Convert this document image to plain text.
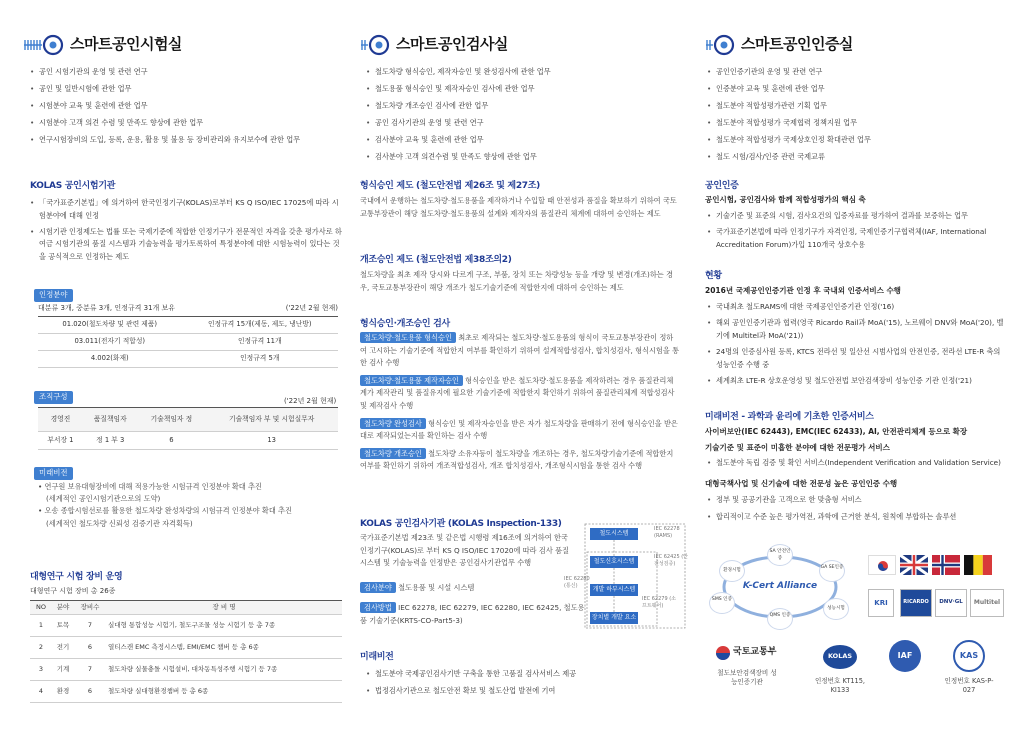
스마트공인시험실
• 공인 시험기관의 운영 및 관련 연구
• 공인 및 일반시험에 관한 업무
• 시험분야 교육 및 훈련에 관한 업무
• 시험분야 고객 의견 수렴 및 만족도 향상에 관한 업무
• 연구시험장비의 도입, 등록, 운용, 활용 및 불용 등 장비관리와 유지보수에 관한 업무
KOLAS 공인시험기관
• 「국가표준기본법」에 의거하여 한국인정기구(KOLAS)로부터 KS Q ISO/IEC 17025에 따라 시험분야에 대해 인정
• 시험기관 인정제도는 법률 또는 국제기준에 적합한 인정기구가 전문적인 자격을 갖춘 평가사로 하여금 시험기관의 품질 시스템과 기술능력을 평가토록하여 특정분야에 대한 시험능력이 있다는 것을 공식적으로 인정하는 제도
인정분야
대분류 3개, 중분류 3개, 인정규격 31개 보유	('22년 2월 현재)
01.020(철도차량 및 관련 제품)	인정규격 15개(제동, 제도, 냉난방)
03.011(전자기 적합성)	인정규격 11개
4.002(화재)	인정규격 5개
조직구성	('22년 2월 현재)
경영진	품질책임자	기술책임자 정	기술책임자 부 및 시험실무자
부서장 1	정 1 부 3	6	13
미래비전
• 연구원 보유대형장비에 대해 적용가능한 시험규격 인정분야 확대 추진
(세계적인 공인시험기관으로의 도약)
• 오송 종합시험선로를 활용한 철도차량 완성차량의 시험규격 인정분야 확대 추진
(세계적인 철도차량 신뢰성 검증기관 자격획득)
대형연구 시험 장비 운영
대형연구 시험 장비 총 26종
NO	분야	장비수	장 비 명
1	토목	7	실대형 통합성능 시험기, 철도구조물 성능 시험기 등 총 7종
2	전기	6	열티스캔 EMC 측정시스템, EMI/EMC 챔버 등 총 6종
3	기계	7	철도차량 실물충돌 시험설비, 대차동특성주행 시험기 등 7종
4	환경	6	철도차량 실대형환경챔버 등 총 6종
스마트공인검사실
• 철도차량 형식승인, 제작자승인 및 완성검사에 관한 업무
• 철도용품 형식승인 및 제작자승인 검사에 관한 업무
• 철도차량 개조승인 검사에 관한 업무
• 공인 검사기관의 운영 및 관련 연구
• 검사분야 교육 및 훈련에 관한 업무
• 검사분야 고객 의견수렴 및 만족도 향상에 관한 업무
형식승인 제도 (철도안전법 제26조 및 제27조)
국내에서 운행하는 철도차량·철도용품을 제작하거나 수입할 때 안전성과 품질을 확보하기 위하여 국토교통부장관이 해당 철도차량·철도용품의 설계와 제작자의 품질관리 체계에 대하여 승인하는 제도
개조승인 제도 (철도안전법 제38조의2)
철도차량을 최초 제작 당시와 다르게 구조, 부품, 장치 또는 차량성능 등을 개량 및 변경(개조)하는 경우, 국토교통부장관이 해당 개조가 철도기술기준에 적합한지에 대하여 승인하는 제도
형식승인·개조승인 검사
철도차량·철도용품 형식승인 최초로 제작되는 철도차량·철도용품의 형식이 국토교통부장관이 정하여 고시하는 기술기준에 적합한지 여부를 확인하기 위하여 설계적합성검사, 합치성검사, 형식시험을 통한 검사 수행
철도차량·철도용품 제작자승인 형식승인을 받은 철도차량·철도용품을 제작하려는 경우 품질관리체계가 제작관리 및 품질유지에 필요한 기술기준에 적합한지 확인하기 위하여 품질관리체계 적합성검사 및 제작검사 수행
철도차량 완성검사 형식승인 및 제작자승인을 받은 자가 철도차량을 판매하기 전에 형식승인을 받은 대로 제작되었는지를 확인하는 검사 수행
철도차량 개조승인 철도차량 소유자등이 철도차량을 개조하는 경우, 철도차량기술기준에 적합한지 여부를 확인하기 위하여 개조적합성검사, 개조 합치성검사, 개조형식시험을 통한 검사 수행
KOLAS 공인검사기관 (KOLAS Inspection-133)
국가표준기본법 제23조 및 같은법 시행령 제16조에 의거하여 한국인정기구(KOLAS)로 부터 KS Q ISO/IEC 17020에 따라 검사 품질시스템 및 기술능력을 인정받은 공인검사기관업무 수행
검사분야 철도용품 및 시설 시스템
검사방법 IEC 62278, IEC 62279, IEC 62280, IEC 62425, 철도용품 기술기준(KRTS-CO-Part5-3)
철도시스템
철도신호시스템
개발 하부시스템
장치별 개발 요소
IEC 62278 (RAMS)
IEC 62425 (안전성검증)
IEC 62280 (통신)
IEC 62279 (소프트웨어)
미래비전
• 철도분야 국제공인검사기반 구축을 통한 고품질 검사서비스 제공
• 법정검사기관으로 철도안전 확보 및 철도산업 발전에 기여
스마트공인인증실
• 공인인증기관의 운영 및 관련 연구
• 인증분야 교육 및 훈련에 관한 업무
• 철도분야 적합성평가관련 기획 업무
• 철도분야 적합성평가 국제협력 정책지원 업무
• 철도분야 적합성평가 국제상호인정 확대관련 업무
• 철도 시험/검사/인증 관련 국제교류
공인인증
공인시험, 공인검사와 함께 적합성평가의 핵심 축
• 기술기준 및 표준의 시험, 검사요건의 입증자료를 평가하여 결과를 보증하는 업무
• 국가표준기본법에 따라 인정기구가 자격인정, 국제인증기구협력체(IAF, International Accreditation Forum)가입 110개국 상호수용
현황
2016년 국제공인인증기관 인정 후 국내외 인증서비스 수행
• 국내최초 철도RAMS에 대한 국제공인인증기관 인정('16)
• 해외 공인인증기관과 협력(영국 Ricardo Rail과 MoA('15), 노르웨이 DNV와 MoA('20), 벨기에 Multitel과 MoA('21))
• 24명의 인증심사원 등록, KTCS 전라선 및 일산선 시범사업의 안전인증, 전라선 LTE-R 축의 성능인증 수행 중
• 세계최초 LTE-R 상호운영성 및 철도안전법 보안검색장비 성능인증 기관 인정('21)
미래비전 - 과학과 윤리에 기초한 인증서비스
사이버보안(IEC 62443), EMC(IEC 62433), AI, 안전관리체계 등으로 확장
기술기준 및 표준이 미흡한 분야에 대한 전문평가 서비스
• 철도분야 독립 검증 및 확인 서비스(Independent Verification and Validation Service)
대형국책사업 및 신기술에 대한 전문성 높은 공인인증 수행
• 정부 및 공공기관을 고객으로 한 맞춤형 서비스
• 합리적이고 수준 높은 평가역전, 과학에 근거한 분석, 원칙에 부합하는 솔루션
K-Cert Alliance
SA 안전인증
GA SE인증
성능시험
QMS 인증
SMS 인증
환경시험
KRI	RICARDO	DNV·GL	Multitel
국토교통부
철도보안검색장비 성능인증기관
KOLAS
인정번호 KT115, KI133
IAF	KAS
인정번호 KAS-P-027
